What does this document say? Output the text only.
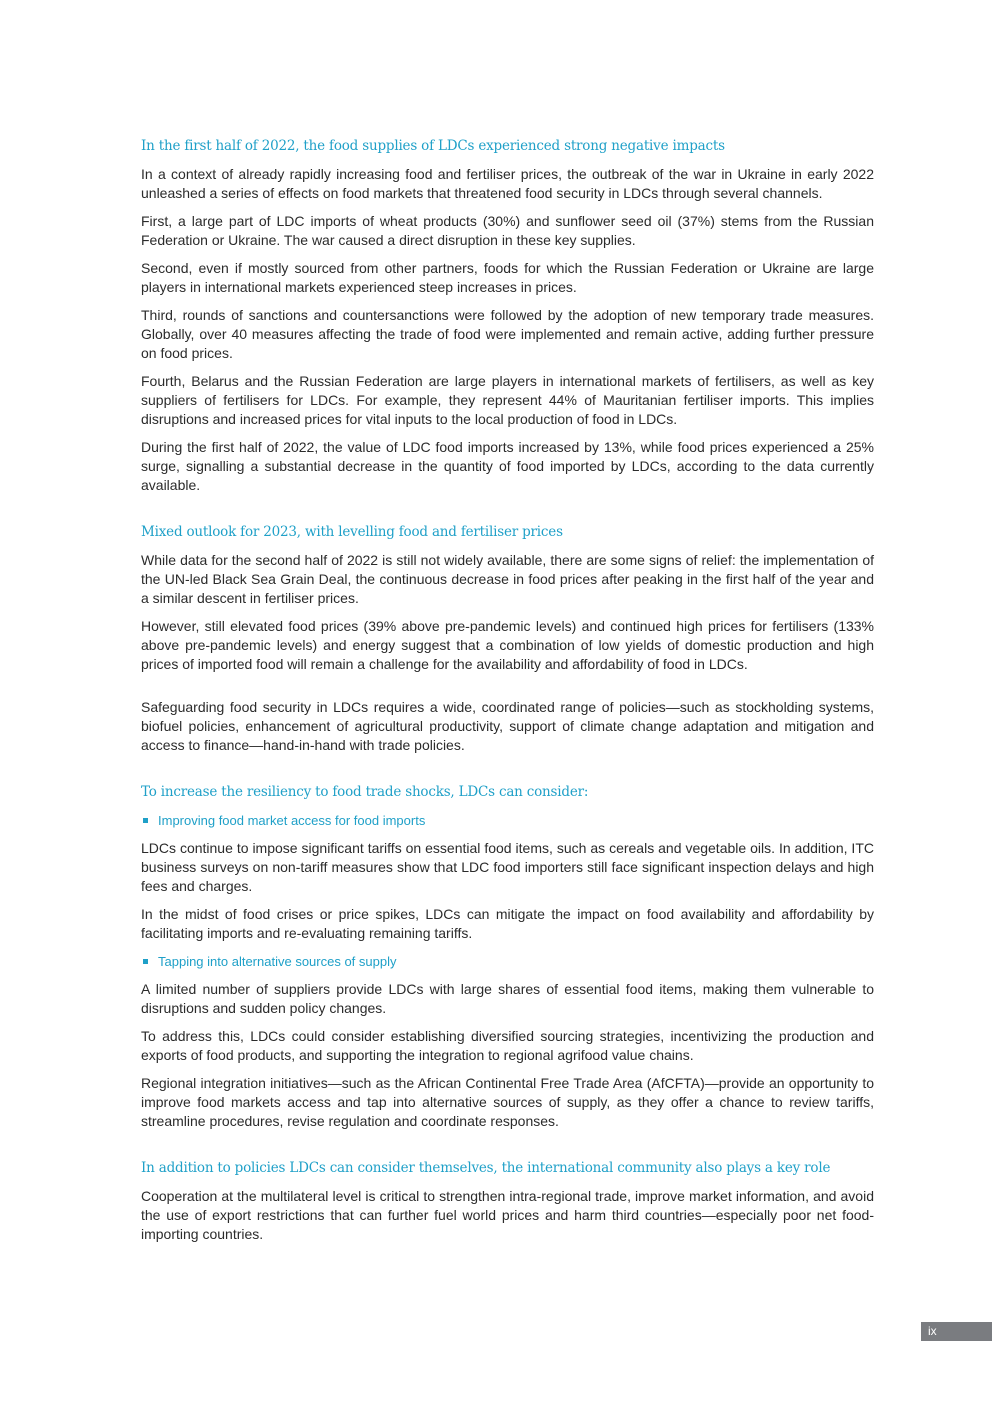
In the first half of 2022, the food supplies of LDCs experienced strong negative impacts

In a context of already rapidly increasing food and fertiliser prices, the outbreak of the war in Ukraine in early 2022 unleashed a series of effects on food markets that threatened food security in LDCs through several channels.

First, a large part of LDC imports of wheat products (30%) and sunflower seed oil (37%) stems from the Russian Federation or Ukraine. The war caused a direct disruption in these key supplies.

Second, even if mostly sourced from other partners, foods for which the Russian Federation or Ukraine are large players in international markets experienced steep increases in prices.

Third, rounds of sanctions and countersanctions were followed by the adoption of new temporary trade measures. Globally, over 40 measures affecting the trade of food were implemented and remain active, adding further pressure on food prices.

Fourth, Belarus and the Russian Federation are large players in international markets of fertilisers, as well as key suppliers of fertilisers for LDCs. For example, they represent 44% of Mauritanian fertiliser imports. This implies disruptions and increased prices for vital inputs to the local production of food in LDCs.

During the first half of 2022, the value of LDC food imports increased by 13%, while food prices experienced a 25% surge, signalling a substantial decrease in the quantity of food imported by LDCs, according to the data currently available.

Mixed outlook for 2023, with levelling food and fertiliser prices

While data for the second half of 2022 is still not widely available, there are some signs of relief: the implementation of the UN-led Black Sea Grain Deal, the continuous decrease in food prices after peaking in the first half of the year and a similar descent in fertiliser prices.

However, still elevated food prices (39% above pre-pandemic levels) and continued high prices for fertilisers (133% above pre-pandemic levels) and energy suggest that a combination of low yields of domestic production and high prices of imported food will remain a challenge for the availability and affordability of food in LDCs.

Safeguarding food security in LDCs requires a wide, coordinated range of policies—such as stockholding systems, biofuel policies, enhancement of agricultural productivity, support of climate change adaptation and mitigation and access to finance—hand-in-hand with trade policies.

To increase the resiliency to food trade shocks, LDCs can consider:
Improving food market access for food imports

LDCs continue to impose significant tariffs on essential food items, such as cereals and vegetable oils. In addition, ITC business surveys on non-tariff measures show that LDC food importers still face significant inspection delays and high fees and charges.

In the midst of food crises or price spikes, LDCs can mitigate the impact on food availability and affordability by facilitating imports and re-evaluating remaining tariffs.

Tapping into alternative sources of supply

A limited number of suppliers provide LDCs with large shares of essential food items, making them vulnerable to disruptions and sudden policy changes.

To address this, LDCs could consider establishing diversified sourcing strategies, incentivizing the production and exports of food products, and supporting the integration to regional agrifood value chains.

Regional integration initiatives—such as the African Continental Free Trade Area (AfCFTA)—provide an opportunity to improve food markets access and tap into alternative sources of supply, as they offer a chance to review tariffs, streamline procedures, revise regulation and coordinate responses.

In addition to policies LDCs can consider themselves, the international community also plays a key role

Cooperation at the multilateral level is critical to strengthen intra-regional trade, improve market information, and avoid the use of export restrictions that can further fuel world prices and harm third countries—especially poor net food-importing countries.

ix
